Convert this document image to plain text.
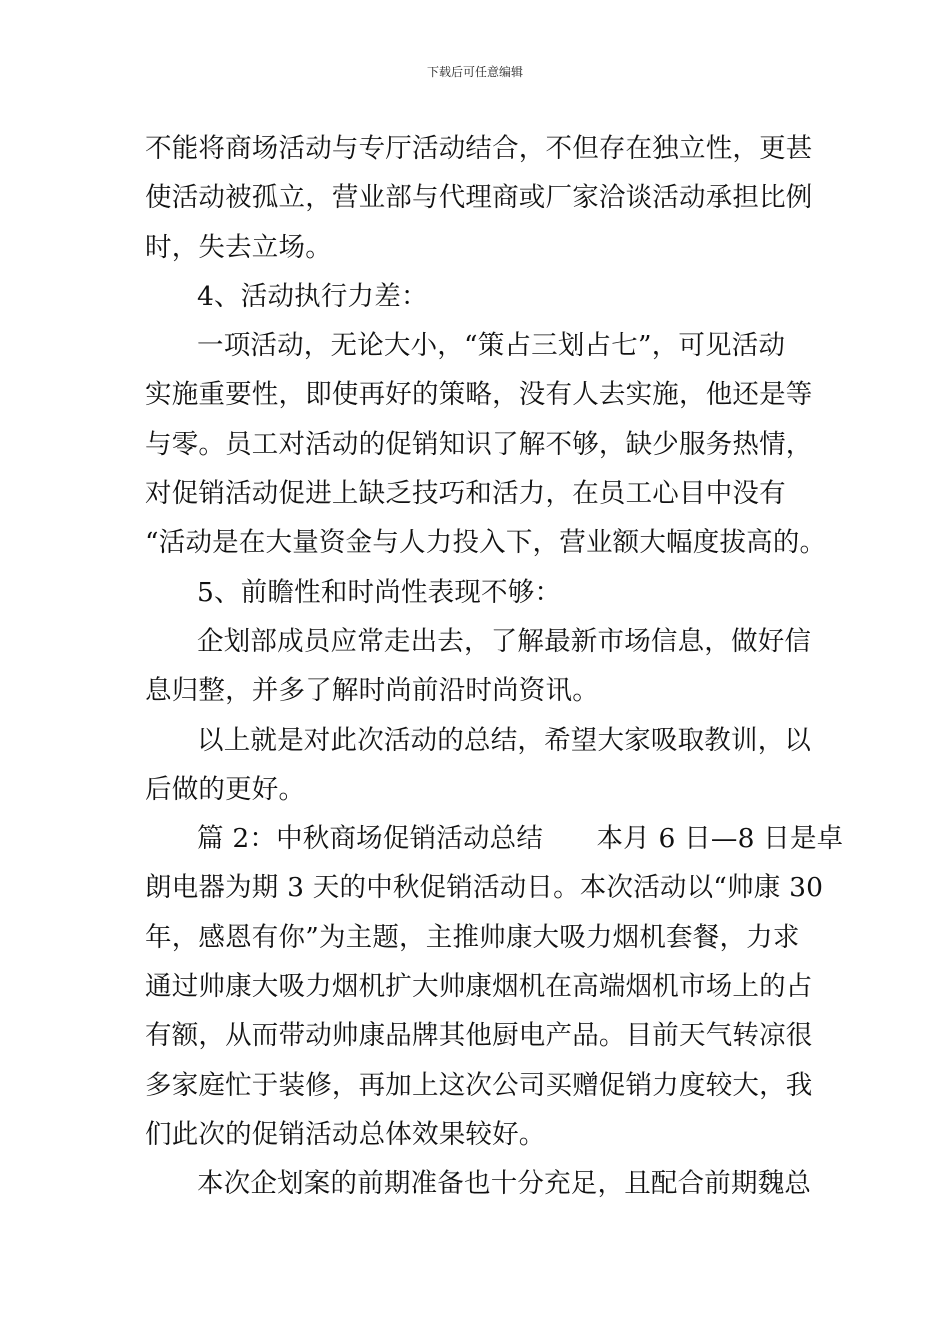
下载后可任意编辑
不能将商场活动与专厅活动结合，不但存在独立性，更甚
使活动被孤立，营业部与代理商或厂家洽谈活动承担比例
时，失去立场。
4、活动执行力差：
一项活动，无论大小，“策占三划占七”，可见活动
实施重要性，即使再好的策略，没有人去实施，他还是等
与零。员工对活动的促销知识了解不够，缺少服务热情，
对促销活动促进上缺乏技巧和活力，在员工心目中没有
“活动是在大量资金与人力投入下，营业额大幅度拔高的。
5、前瞻性和时尚性表现不够：
企划部成员应常走出去，了解最新市场信息，做好信
息归整，并多了解时尚前沿时尚资讯。
以上就是对此次活动的总结，希望大家吸取教训，以
后做的更好。
篇 2：中秋商场促销活动总结　　本月 6 日—8 日是卓
朗电器为期 3 天的中秋促销活动日。本次活动以“帅康 30
年，感恩有你”为主题，主推帅康大吸力烟机套餐，力求
通过帅康大吸力烟机扩大帅康烟机在高端烟机市场上的占
有额，从而带动帅康品牌其他厨电产品。目前天气转凉很
多家庭忙于装修，再加上这次公司买赠促销力度较大，我
们此次的促销活动总体效果较好。
本次企划案的前期准备也十分充足，且配合前期魏总
